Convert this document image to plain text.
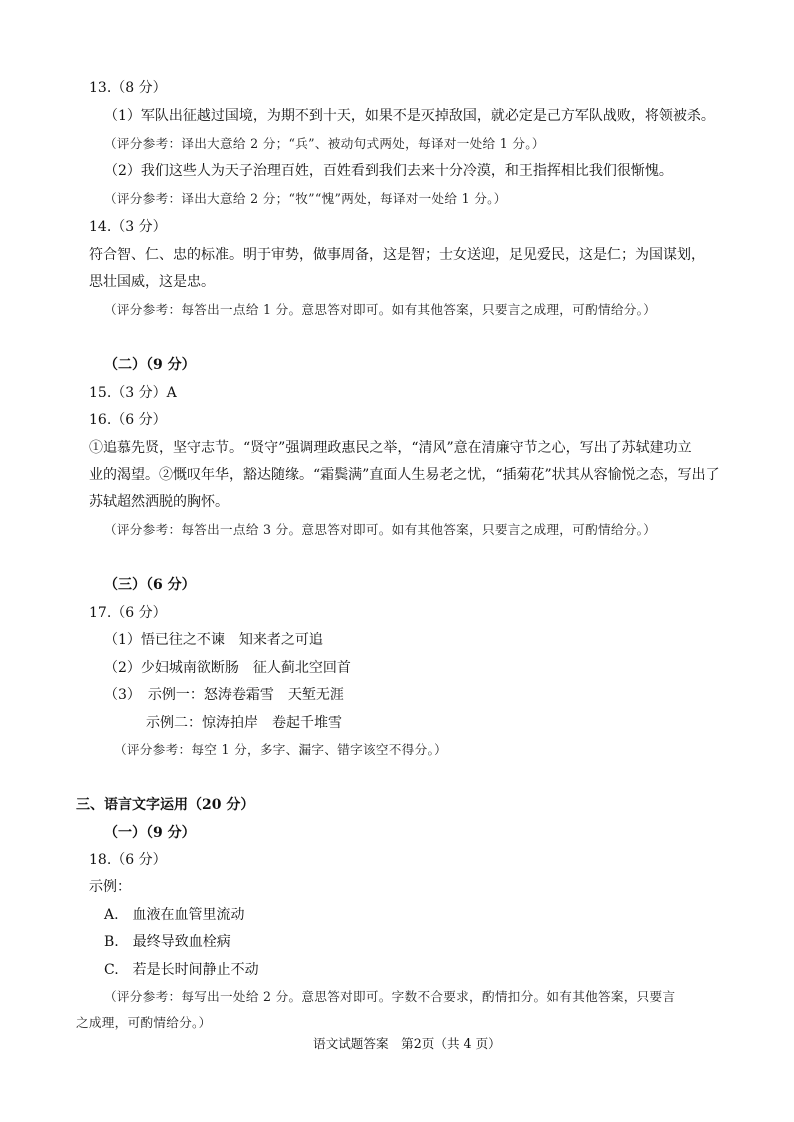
13.（8 分）
（1）军队出征越过国境，为期不到十天，如果不是灭掉敌国，就必定是己方军队战败，将领被杀。
（评分参考：译出大意给 2 分；“兵”、被动句式两处，每译对一处给 1 分。）
（2）我们这些人为天子治理百姓，百姓看到我们去来十分冷漠，和王指挥相比我们很惭愧。
（评分参考：译出大意给 2 分；“牧”“愧”两处，每译对一处给 1 分。）
14.（3 分）
符合智、仁、忠的标准。明于审势，做事周备，这是智；士女送迎，足见爱民，这是仁；为国谋划，
思壮国威，这是忠。
（评分参考：每答出一点给 1 分。意思答对即可。如有其他答案，只要言之成理，可酌情给分。）
（二）（9 分）
15.（3 分）A
16.（6 分）
①追慕先贤，坚守志节。“贤守”强调理政惠民之举，“清风”意在清廉守节之心，写出了苏轼建功立
业的渴望。②慨叹年华，豁达随缘。“霜鬓满”直面人生易老之忧，“插菊花”状其从容愉悦之态，写出了
苏轼超然洒脱的胸怀。
（评分参考：每答出一点给 3 分。意思答对即可。如有其他答案，只要言之成理，可酌情给分。）
（三）（6 分）
17.（6 分）
（1）悟已往之不谏　知来者之可追
（2）少妇城南欲断肠　征人蓟北空回首
（3）　示例一：怒涛卷霜雪　天堑无涯
示例二：惊涛拍岸　卷起千堆雪
（评分参考：每空 1 分，多字、漏字、错字该空不得分。）
三、语言文字运用（20 分）
（一）（9 分）
18.（6 分）
示例：
A.　血液在血管里流动
B.　最终导致血栓病
C.　若是长时间静止不动
（评分参考：每写出一处给 2 分。意思答对即可。字数不合要求，酌情扣分。如有其他答案，只要言
之成理，可酌情给分。）
语文试题答案　第2页（共 4 页）
